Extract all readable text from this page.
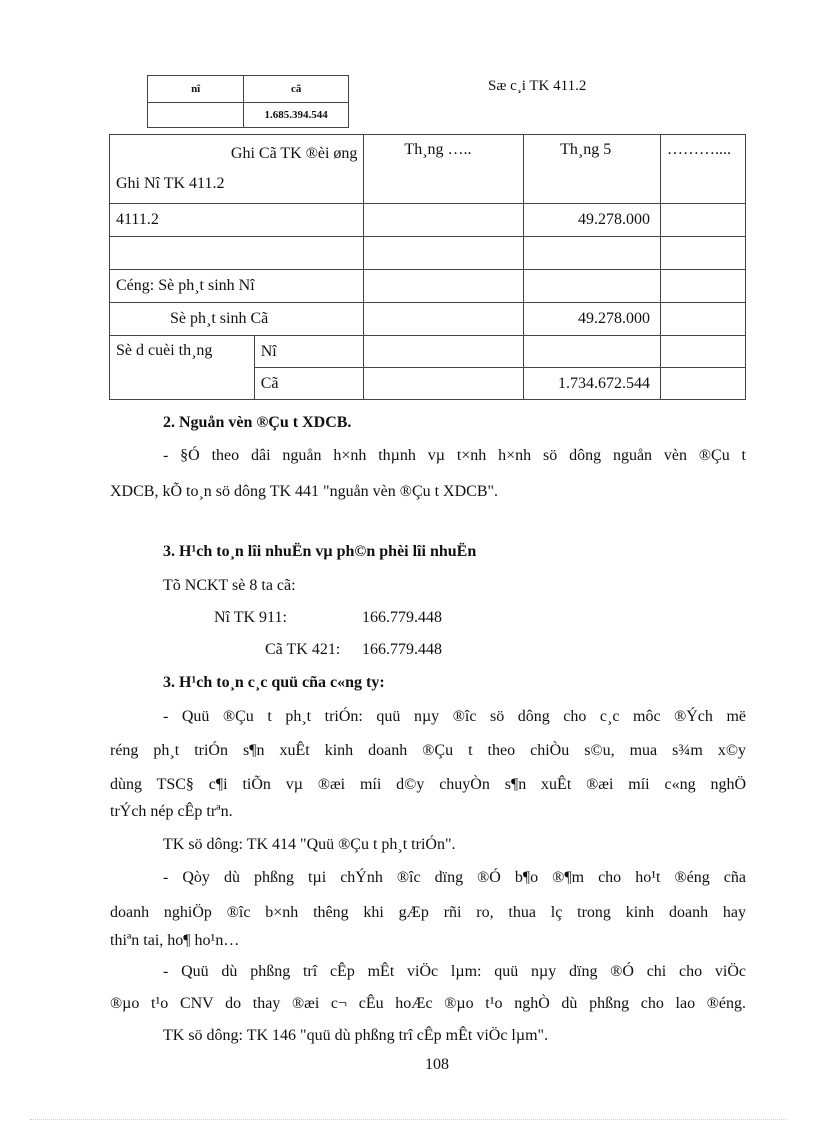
nî	cã
	1.685.394.544
Sæ c¸i TK 411.2
Ghi Cã TK ®èi øng
Ghi Nî TK 411.2		Th¸ng …..	Th¸ng 5	………....
4111.2			49.278.000	

Céng: Sè ph¸t sinh Nî				
Sè ph¸t sinh Cã			49.278.000	
Sè d cuèi th¸ng	Nî			
	Cã		1.734.672.544	
2. Nguån vèn ®Çu t XDCB.
- §Ó theo dâi nguån h×nh thµnh vµ t×nh h×nh sö dông nguån vèn ®Çu t
XDCB, kÕ to¸n sö dông TK 441 "nguån vèn ®Çu t XDCB".
3. H¹ch to¸n lîi nhuËn vµ ph©n phèi lîi nhuËn
Tõ NCKT sè 8 ta cã:
Nî TK 911:	166.779.448
Cã TK 421:	166.779.448
3. H¹ch to¸n c¸c quü cña c«ng ty:
- Quü ®Çu t ph¸t triÓn: quü nµy ®îc sö dông cho c¸c môc ®Ých më
réng ph¸t triÓn s¶n xuÊt kinh doanh ®Çu t theo chiÒu s©u, mua s¾m x©y
dùng TSC§ c¶i tiÕn vµ ®æi míi d©y chuyÒn s¶n xuÊt ®æi míi c«ng nghÖ
trÝch nép cÊp trªn.
TK sö dông: TK 414 "Quü ®Çu t ph¸t triÓn".
- Qòy dù phßng tµi chÝnh ®îc dïng ®Ó b¶o ®¶m cho ho¹t ®éng cña
doanh nghiÖp ®îc b×nh thêng khi gÆp rñi ro, thua lç trong kinh doanh hay
thiªn tai, ho¶ ho¹n…
- Quü dù phßng trî cÊp mÊt viÖc lµm: quü nµy dïng ®Ó chi cho viÖc
®µo t¹o CNV do thay ®æi c¬ cÊu hoÆc ®µo t¹o nghÒ dù phßng cho lao ®éng.
TK sö dông: TK 146 "quü dù phßng trî cÊp mÊt viÖc lµm".
108
